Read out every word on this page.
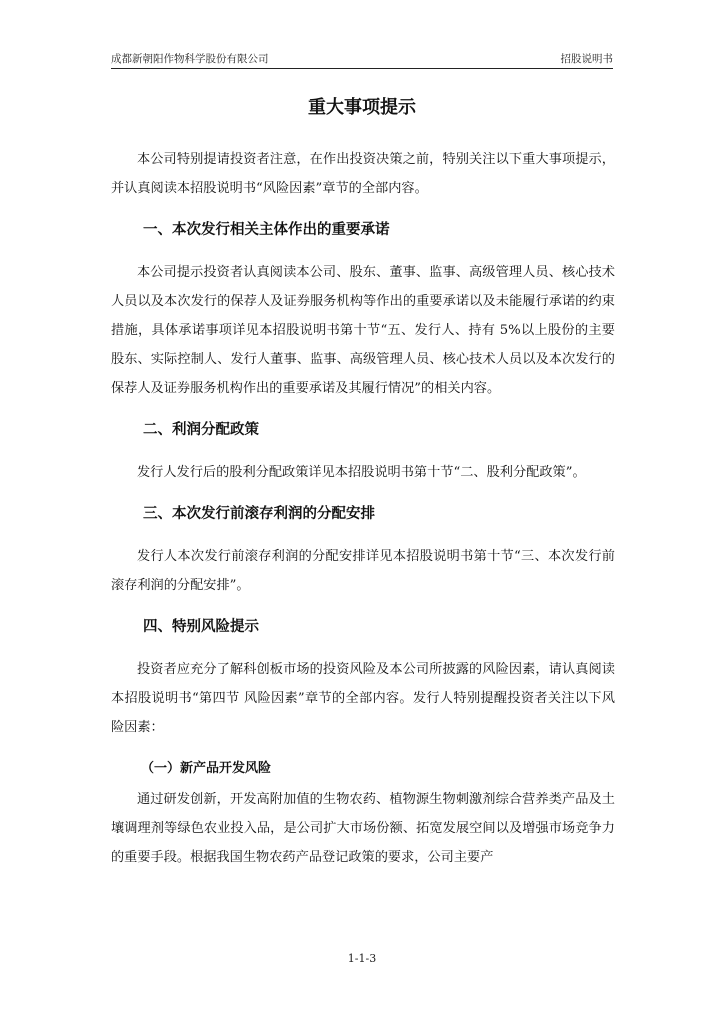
成都新朝阳作物科学股份有限公司	招股说明书
重大事项提示

本公司特别提请投资者注意，在作出投资决策之前，特别关注以下重大事项提示，并认真阅读本招股说明书“风险因素”章节的全部内容。

一、本次发行相关主体作出的重要承诺

本公司提示投资者认真阅读本公司、股东、董事、监事、高级管理人员、核心技术人员以及本次发行的保荐人及证券服务机构等作出的重要承诺以及未能履行承诺的约束措施，具体承诺事项详见本招股说明书第十节“五、发行人、持有 5%以上股份的主要股东、实际控制人、发行人董事、监事、高级管理人员、核心技术人员以及本次发行的保荐人及证券服务机构作出的重要承诺及其履行情况”的相关内容。

二、利润分配政策

发行人发行后的股利分配政策详见本招股说明书第十节“二、股利分配政策”。

三、本次发行前滚存利润的分配安排

发行人本次发行前滚存利润的分配安排详见本招股说明书第十节“三、本次发行前滚存利润的分配安排”。

四、特别风险提示

投资者应充分了解科创板市场的投资风险及本公司所披露的风险因素，请认真阅读本招股说明书“第四节 风险因素”章节的全部内容。发行人特别提醒投资者关注以下风险因素：

（一）新产品开发风险

通过研发创新，开发高附加值的生物农药、植物源生物刺激剂综合营养类产品及土壤调理剂等绿色农业投入品，是公司扩大市场份额、拓宽发展空间以及增强市场竞争力的重要手段。根据我国生物农药产品登记政策的要求，公司主要产

1-1-3
